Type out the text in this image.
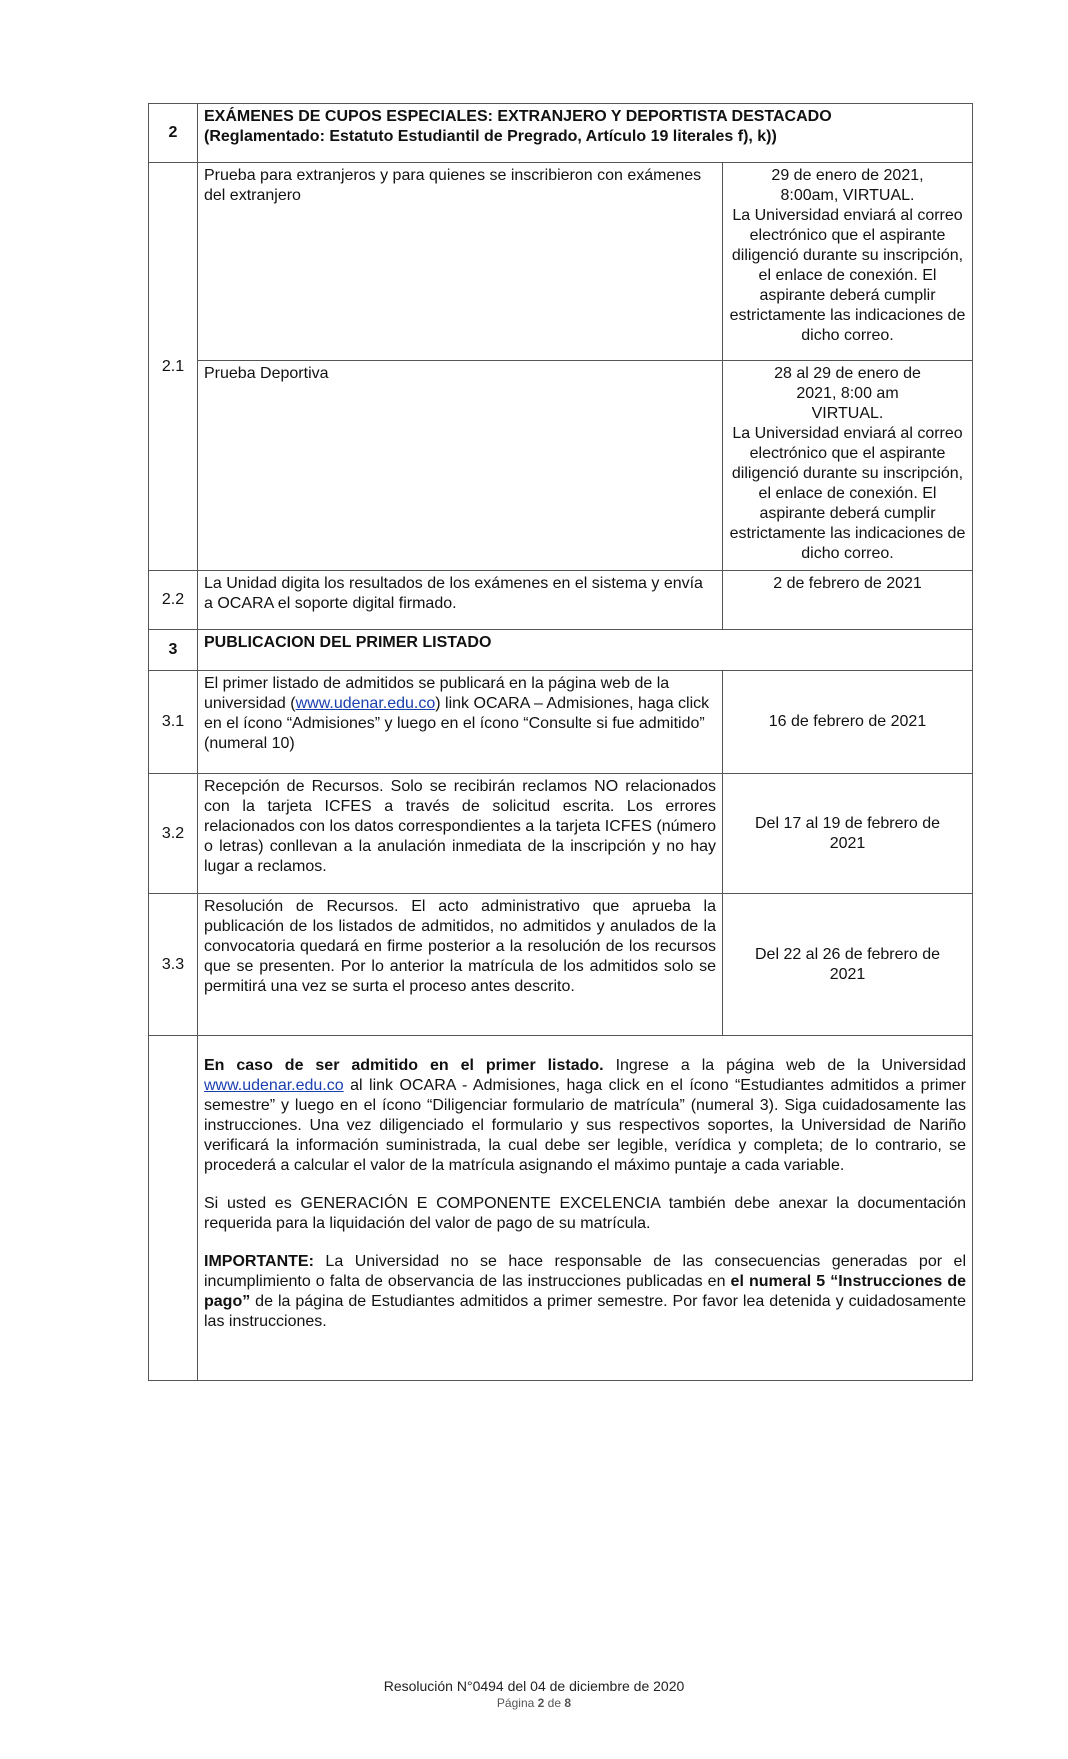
2	EXÁMENES DE CUPOS ESPECIALES: EXTRANJERO Y DEPORTISTA DESTACADO
(Reglamentado: Estatuto Estudiantil de Pregrado, Artículo 19 literales f), k))	
2.1	Prueba para extranjeros y para quienes se inscribieron con exámenes del extranjero	29 de enero de 2021, 8:00am, VIRTUAL.
La Universidad enviará al correo electrónico que el aspirante diligenció durante su inscripción, el enlace de conexión. El aspirante deberá cumplir estrictamente las indicaciones de dicho correo.

	Prueba Deportiva	28 al 29 de enero de 2021, 8:00 am VIRTUAL.
La Universidad enviará al correo electrónico que el aspirante diligenció durante su inscripción, el enlace de conexión. El aspirante deberá cumplir estrictamente las indicaciones de dicho correo.

2.2	La Unidad digita los resultados de los exámenes en el sistema y envía a OCARA el soporte digital firmado.	2 de febrero de 2021
3	PUBLICACION DEL PRIMER LISTADO	
3.1	El primer listado de admitidos se publicará en la página web de la universidad (www.udenar.edu.co) link OCARA – Admisiones, haga click en el ícono “Admisiones” y luego en el ícono “Consulte si fue admitido” (numeral 10)	16 de febrero de 2021
3.2	Recepción de Recursos. Solo se recibirán reclamos NO relacionados con la tarjeta ICFES a través de solicitud escrita. Los errores relacionados con los datos correspondientes a la tarjeta ICFES (número o letras) conllevan a la anulación inmediata de la inscripción y no hay lugar a reclamos.	Del 17 al 19 de febrero de 2021

3.3	Resolución de Recursos. El acto administrativo que aprueba la publicación de los listados de admitidos, no admitidos y anulados de la convocatoria quedará en firme posterior a la resolución de los recursos que se presenten. Por lo anterior la matrícula de los admitidos solo se permitirá una vez se surta el proceso antes descrito.	Del 22 al 26 de febrero de 2021

	En caso de ser admitido en el primer listado. Ingrese a la página web de la Universidad www.udenar.edu.co al link OCARA - Admisiones, haga click en el ícono “Estudiantes admitidos a primer semestre” y luego en el ícono “Diligenciar formulario de matrícula” (numeral 3). Siga cuidadosamente las instrucciones. Una vez diligenciado el formulario y sus respectivos soportes, la Universidad de Nariño verificará la información suministrada, la cual debe ser legible, verídica y completa; de lo contrario, se procederá a calcular el valor de la matrícula asignando el máximo puntaje a cada variable.

Si usted es GENERACIÓN E COMPONENTE EXCELENCIA también debe anexar la documentación requerida para la liquidación del valor de pago de su matrícula.

IMPORTANTE: La Universidad no se hace responsable de las consecuencias generadas por el incumplimiento o falta de observancia de las instrucciones publicadas en el numeral 5 “Instrucciones de pago” de la página de Estudiantes admitidos a primer semestre. Por favor lea detenida y cuidadosamente las instrucciones.	

Resolución N°0494 del 04 de diciembre de 2020
Página 2 de 8
